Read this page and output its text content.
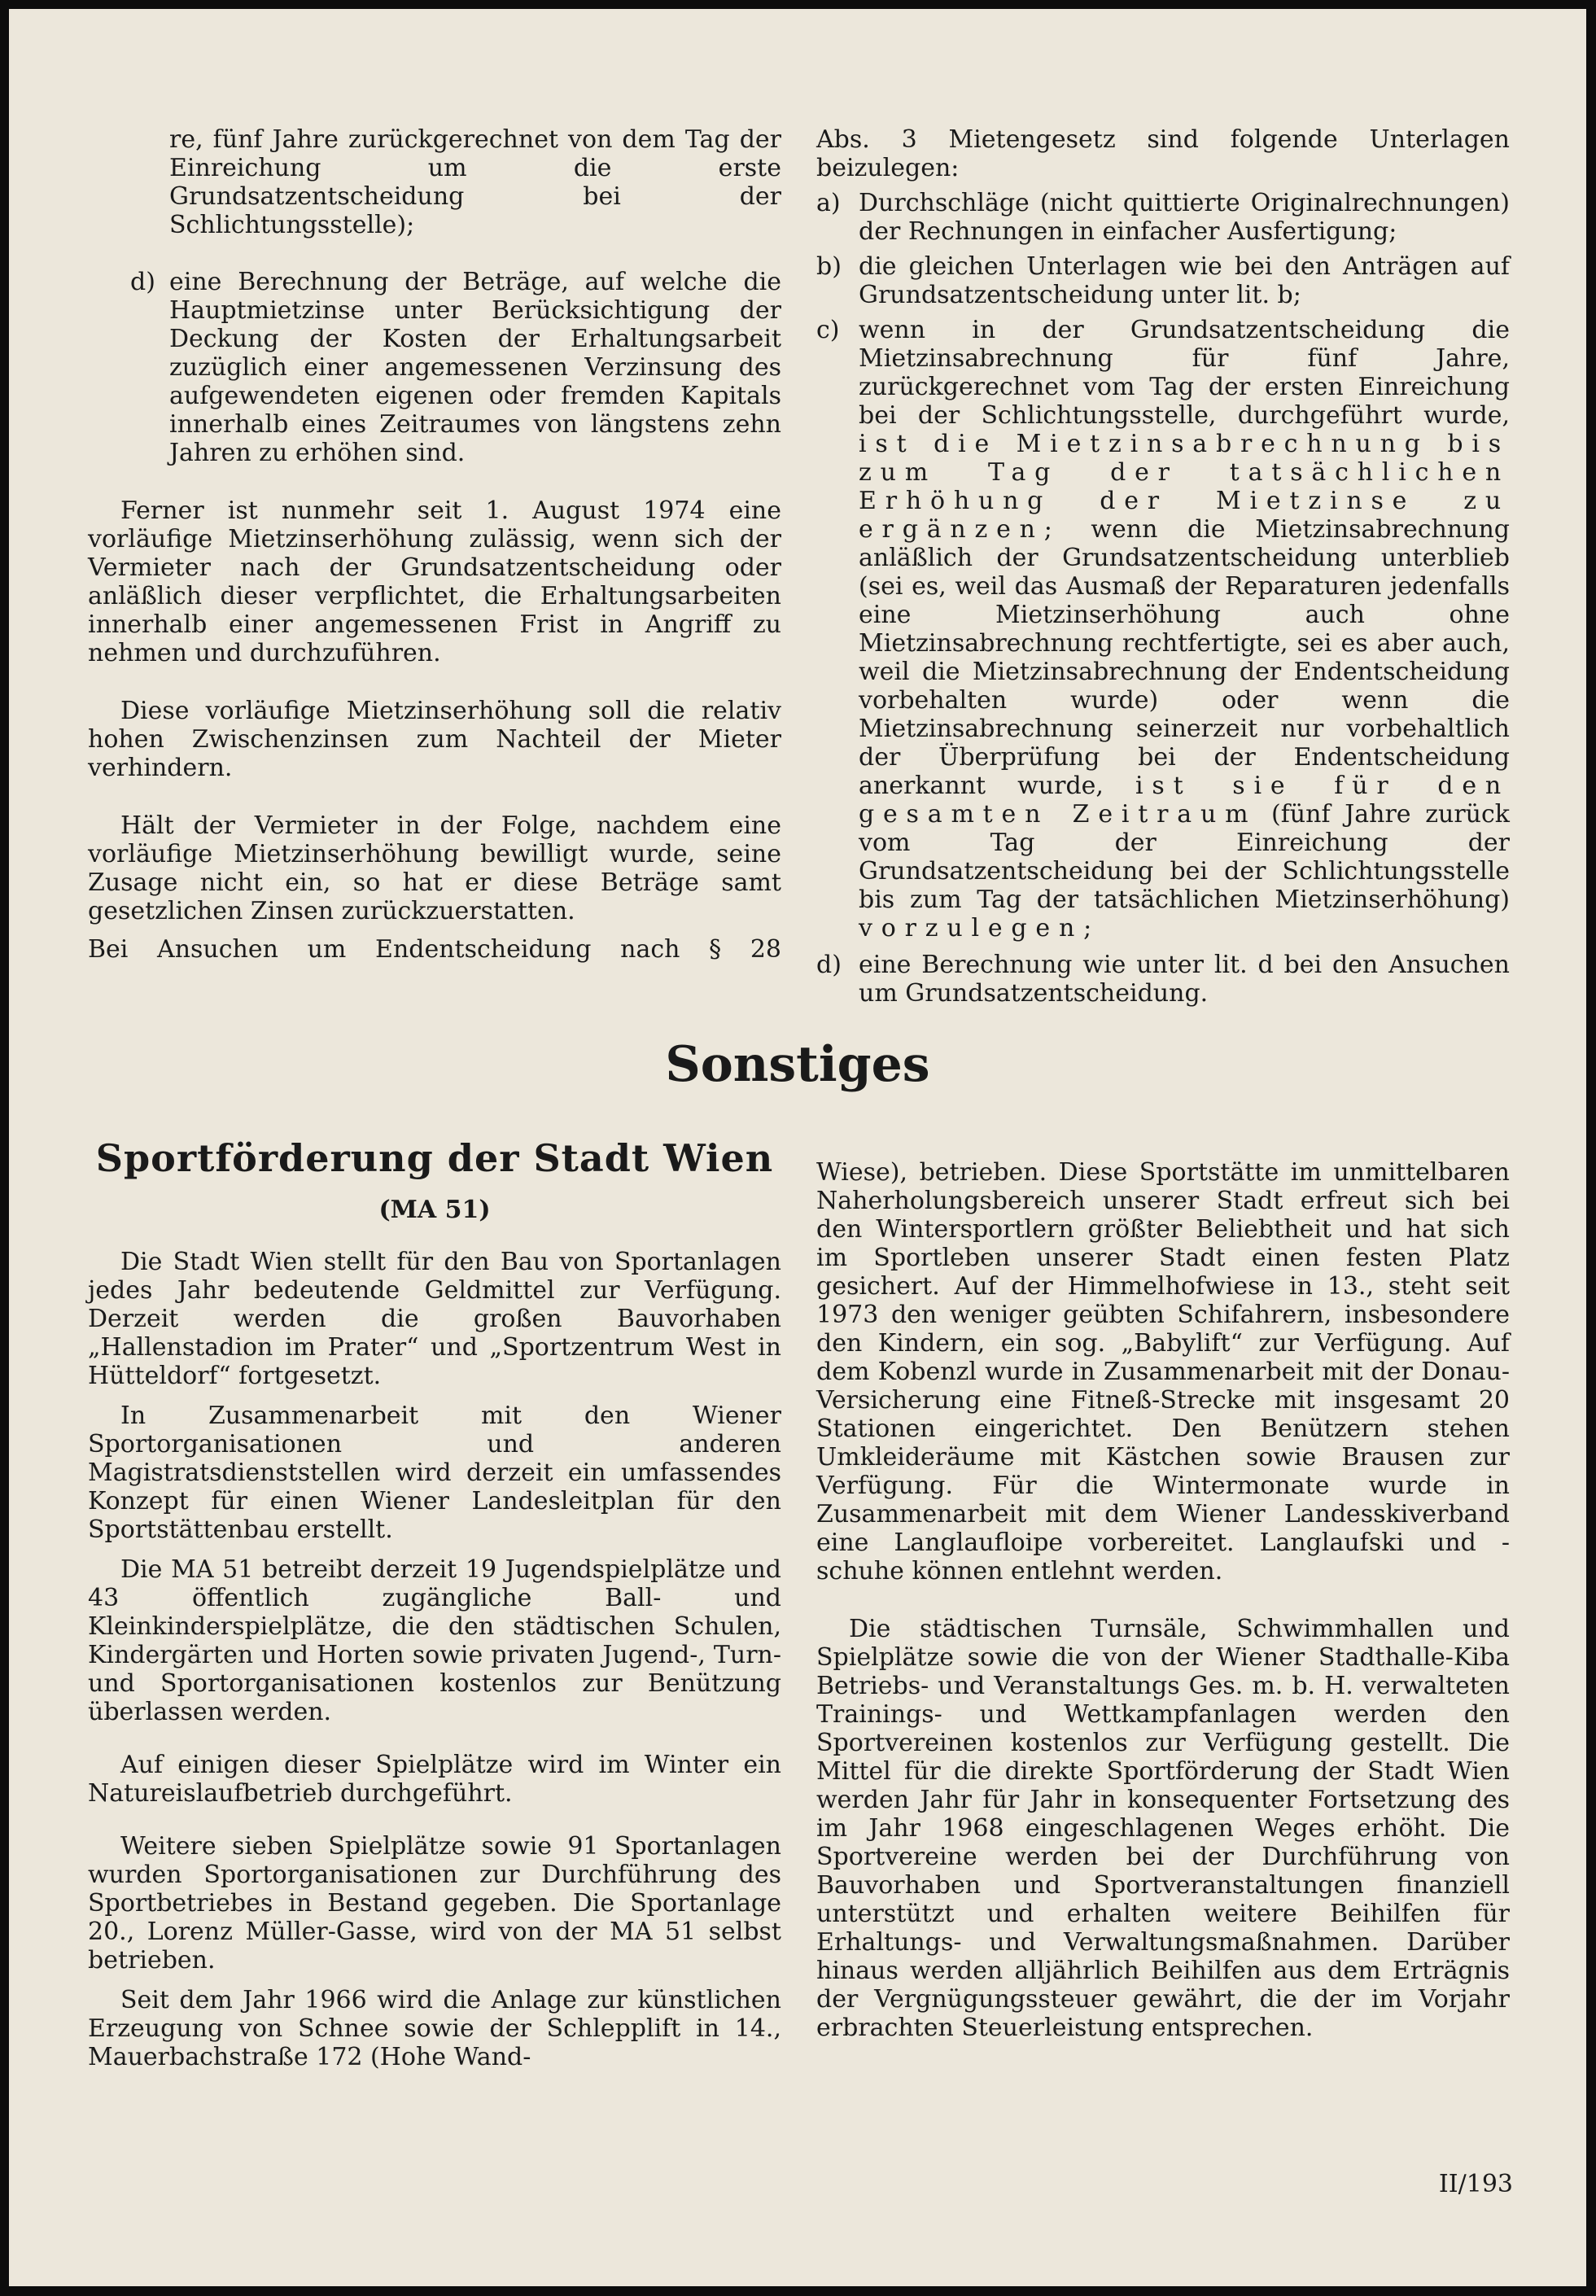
re, fünf Jahre zurückgerechnet von dem Tag der Einreichung um die erste Grundsatzentscheidung bei der Schlichtungsstelle);

d) eine Berechnung der Beträge, auf welche die Hauptmietzinse unter Berücksichtigung der Deckung der Kosten der Erhaltungsarbeit zuzüglich einer angemessenen Verzinsung des aufgewendeten eigenen oder fremden Kapitals innerhalb eines Zeitraumes von längstens zehn Jahren zu erhöhen sind.

Ferner ist nunmehr seit 1. August 1974 eine vorläufige Mietzinserhöhung zulässig, wenn sich der Vermieter nach der Grundsatzentscheidung oder anläßlich dieser verpflichtet, die Erhaltungsarbeiten innerhalb einer angemessenen Frist in Angriff zu nehmen und durchzuführen.

Diese vorläufige Mietzinserhöhung soll die relativ hohen Zwischenzinsen zum Nachteil der Mieter verhindern.

Hält der Vermieter in der Folge, nachdem eine vorläufige Mietzinserhöhung bewilligt wurde, seine Zusage nicht ein, so hat er diese Beträge samt gesetzlichen Zinsen zurückzuerstatten.

Bei Ansuchen um Endentscheidung nach § 28

Abs. 3 Mietengesetz sind folgende Unterlagen beizulegen:

a) Durchschläge (nicht quittierte Originalrechnungen) der Rechnungen in einfacher Ausfertigung;
b) die gleichen Unterlagen wie bei den Anträgen auf Grundsatzentscheidung unter lit. b;
c) wenn in der Grundsatzentscheidung die Mietzinsabrechnung für fünf Jahre, zurückgerechnet vom Tag der ersten Einreichung bei der Schlichtungsstelle, durchgeführt wurde, ist die Mietzinsabrechnung bis zum Tag der tatsächlichen Erhöhung der Mietzinse zu ergänzen; wenn die Mietzinsabrechnung anläßlich der Grundsatzentscheidung unterblieb (sei es, weil das Ausmaß der Reparaturen jedenfalls eine Mietzinserhöhung auch ohne Mietzinsabrechnung rechtfertigte, sei es aber auch, weil die Mietzinsabrechnung der Endentscheidung vorbehalten wurde) oder wenn die Mietzinsabrechnung seinerzeit nur vorbehaltlich der Überprüfung bei der Endentscheidung anerkannt wurde, ist sie für den gesamten Zeitraum (fünf Jahre zurück vom Tag der Einreichung der Grundsatzentscheidung bei der Schlichtungsstelle bis zum Tag der tatsächlichen Mietzinserhöhung) vorzulegen;
d) eine Berechnung wie unter lit. d bei den Ansuchen um Grundsatzentscheidung.
Sonstiges
Sportförderung der Stadt Wien
(MA 51)

Die Stadt Wien stellt für den Bau von Sportanlagen jedes Jahr bedeutende Geldmittel zur Verfügung. Derzeit werden die großen Bauvorhaben „Hallenstadion im Prater“ und „Sportzentrum West in Hütteldorf“ fortgesetzt.

In Zusammenarbeit mit den Wiener Sportorganisationen und anderen Magistratsdienststellen wird derzeit ein umfassendes Konzept für einen Wiener Landesleitplan für den Sportstättenbau erstellt.

Die MA 51 betreibt derzeit 19 Jugendspielplätze und 43 öffentlich zugängliche Ball- und Kleinkinderspielplätze, die den städtischen Schulen, Kindergärten und Horten sowie privaten Jugend-, Turn- und Sportorganisationen kostenlos zur Benützung überlassen werden.

Auf einigen dieser Spielplätze wird im Winter ein Natureislaufbetrieb durchgeführt.

Weitere sieben Spielplätze sowie 91 Sportanlagen wurden Sportorganisationen zur Durchführung des Sportbetriebes in Bestand gegeben. Die Sportanlage 20., Lorenz Müller-Gasse, wird von der MA 51 selbst betrieben.

Seit dem Jahr 1966 wird die Anlage zur künstlichen Erzeugung von Schnee sowie der Schlepplift in 14., Mauerbachstraße 172 (Hohe Wand-

Wiese), betrieben. Diese Sportstätte im unmittelbaren Naherholungsbereich unserer Stadt erfreut sich bei den Wintersportlern größter Beliebtheit und hat sich im Sportleben unserer Stadt einen festen Platz gesichert. Auf der Himmelhofwiese in 13., steht seit 1973 den weniger geübten Schifahrern, insbesondere den Kindern, ein sog. „Babylift“ zur Verfügung. Auf dem Kobenzl wurde in Zusammenarbeit mit der Donau-Versicherung eine Fitneß-Strecke mit insgesamt 20 Stationen eingerichtet. Den Benützern stehen Umkleideräume mit Kästchen sowie Brausen zur Verfügung. Für die Wintermonate wurde in Zusammenarbeit mit dem Wiener Landesskiverband eine Langlaufloipe vorbereitet. Langlaufski und -schuhe können entlehnt werden.

Die städtischen Turnsäle, Schwimmhallen und Spielplätze sowie die von der Wiener Stadthalle-Kiba Betriebs- und Veranstaltungs Ges. m. b. H. verwalteten Trainings- und Wettkampfanlagen werden den Sportvereinen kostenlos zur Verfügung gestellt. Die Mittel für die direkte Sportförderung der Stadt Wien werden Jahr für Jahr in konsequenter Fortsetzung des im Jahr 1968 eingeschlagenen Weges erhöht. Die Sportvereine werden bei der Durchführung von Bauvorhaben und Sportveranstaltungen finanziell unterstützt und erhalten weitere Beihilfen für Erhaltungs- und Verwaltungsmaßnahmen. Darüber hinaus werden alljährlich Beihilfen aus dem Erträgnis der Vergnügungssteuer gewährt, die der im Vorjahr erbrachten Steuerleistung entsprechen.

II/193
